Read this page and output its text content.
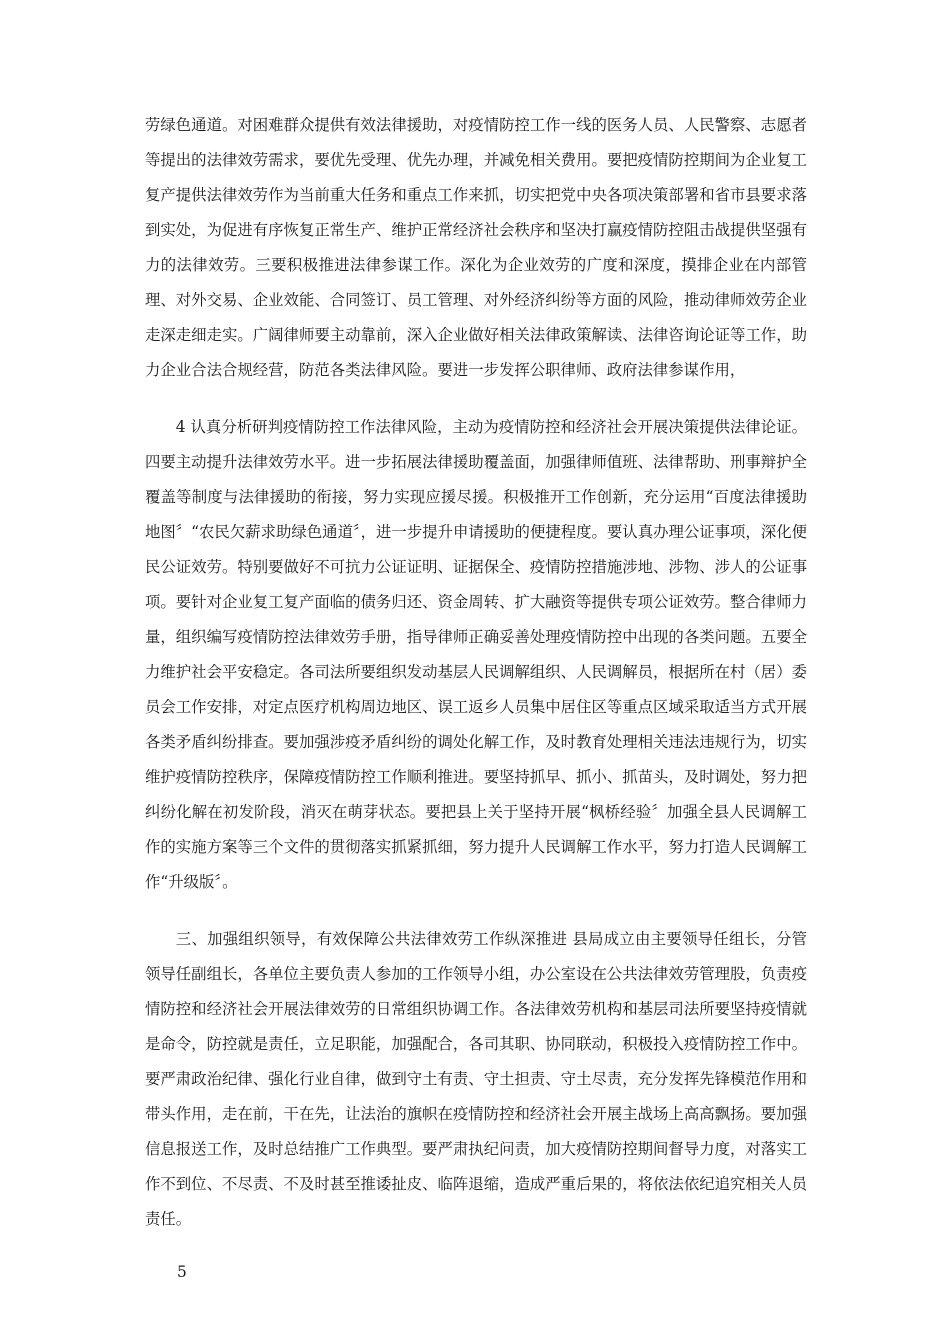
劳绿色通道。对困难群众提供有效法律援助，对疫情防控工作一线的医务人员、人民警察、志愿者等提出的法律效劳需求，要优先受理、优先办理，并减免相关费用。要把疫情防控期间为企业复工复产提供法律效劳作为当前重大任务和重点工作来抓，切实把党中央各项决策部署和省市县要求落到实处，为促进有序恢复正常生产、维护正常经济社会秩序和坚决打赢疫情防控阻击战提供坚强有力的法律效劳。三要积极推进法律参谋工作。深化为企业效劳的广度和深度，摸排企业在内部管理、对外交易、企业效能、合同签订、员工管理、对外经济纠纷等方面的风险，推动律师效劳企业走深走细走实。广阔律师要主动靠前，深入企业做好相关法律政策解读、法律咨询论证等工作，助力企业合法合规经营，防范各类法律风险。要进一步发挥公职律师、政府法律参谋作用，

4 认真分析研判疫情防控工作法律风险，主动为疫情防控和经济社会开展决策提供法律论证。四要主动提升法律效劳水平。进一步拓展法律援助覆盖面，加强律师值班、法律帮助、刑事辩护全覆盖等制度与法律援助的衔接，努力实现应援尽援。积极推开工作创新，充分运用“百度法律援助地图〞“农民欠薪求助绿色通道〞，进一步提升申请援助的便捷程度。要认真办理公证事项，深化便民公证效劳。特别要做好不可抗力公证证明、证据保全、疫情防控措施涉地、涉物、涉人的公证事项。要针对企业复工复产面临的债务归还、资金周转、扩大融资等提供专项公证效劳。整合律师力量，组织编写疫情防控法律效劳手册，指导律师正确妥善处理疫情防控中出现的各类问题。五要全力维护社会平安稳定。各司法所要组织发动基层人民调解组织、人民调解员，根据所在村（居）委员会工作安排，对定点医疗机构周边地区、误工返乡人员集中居住区等重点区域采取适当方式开展各类矛盾纠纷排查。要加强涉疫矛盾纠纷的调处化解工作，及时教育处理相关违法违规行为，切实维护疫情防控秩序，保障疫情防控工作顺利推进。要坚持抓早、抓小、抓苗头，及时调处，努力把纠纷化解在初发阶段，消灭在萌芽状态。要把县上关于坚持开展“枫桥经验〞加强全县人民调解工作的实施方案等三个文件的贯彻落实抓紧抓细，努力提升人民调解工作水平，努力打造人民调解工作“升级版〞。

三、加强组织领导，有效保障公共法律效劳工作纵深推进 县局成立由主要领导任组长，分管领导任副组长，各单位主要负责人参加的工作领导小组，办公室设在公共法律效劳管理股，负责疫情防控和经济社会开展法律效劳的日常组织协调工作。各法律效劳机构和基层司法所要坚持疫情就是命令，防控就是责任，立足职能，加强配合，各司其职、协同联动，积极投入疫情防控工作中。要严肃政治纪律、强化行业自律，做到守土有责、守土担责、守土尽责，充分发挥先锋模范作用和带头作用，走在前，干在先，让法治的旗帜在疫情防控和经济社会开展主战场上高高飘扬。要加强信息报送工作，及时总结推广工作典型。要严肃执纪问责，加大疫情防控期间督导力度，对落实工作不到位、不尽责、不及时甚至推诿扯皮、临阵退缩，造成严重后果的，将依法依纪追究相关人员责任。

5
